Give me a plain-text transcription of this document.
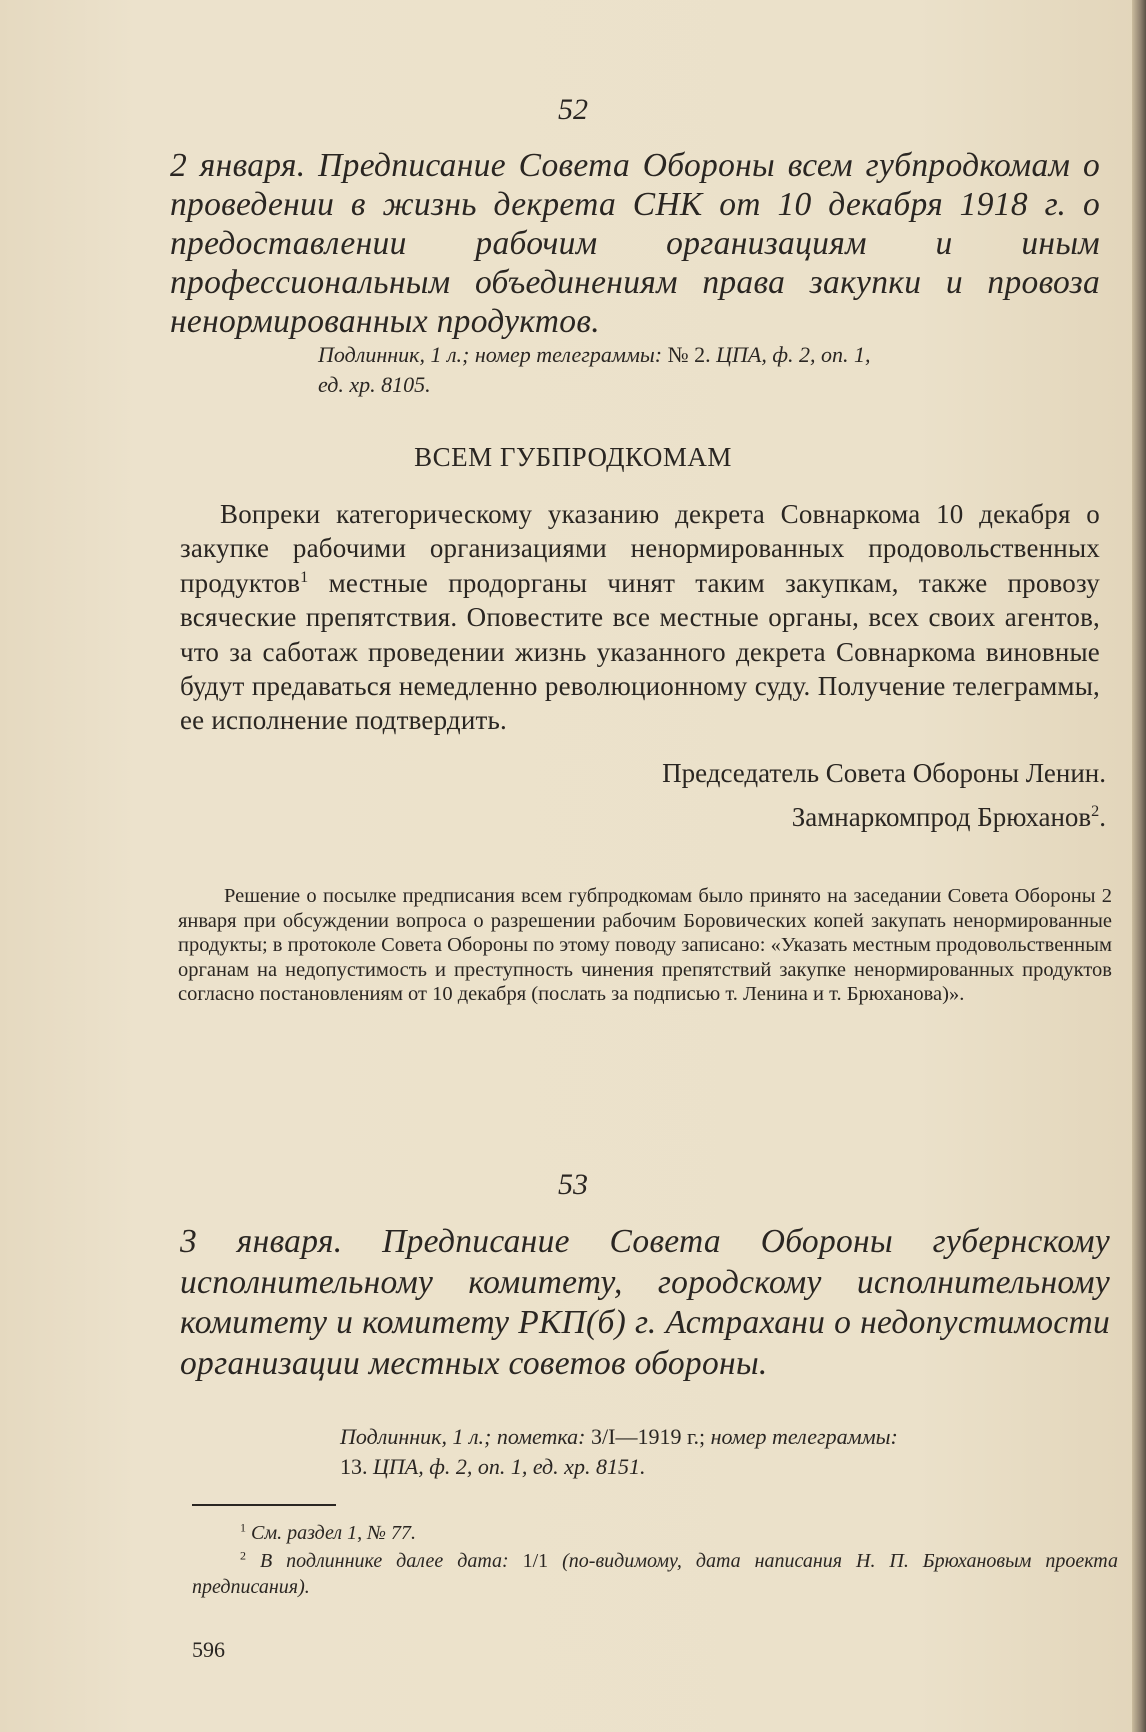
52
2 января. Предписание Совета Обороны всем губпродкомам о проведении в жизнь декрета СНК от 10 декабря 1918 г. о предоставлении рабочим организациям и иным профессиональным объединениям права закупки и провоза ненормированных продуктов.
Подлинник, 1 л.; номер телеграммы: № 2. ЦПА, ф. 2, оп. 1,
ед. хр. 8105.
ВСЕМ ГУБПРОДКОМАМ
Вопреки категорическому указанию декрета Совнаркома 10 декабря о закупке рабочими организациями ненормированных продовольственных продуктов$^1$ местные продорганы чинят таким закупкам, также провозу всяческие препятствия. Оповестите все местные органы, всех своих агентов, что за саботаж проведении жизнь указанного декрета Совнаркома виновные будут предаваться немедленно революционному суду. Получение телеграммы, ее исполнение подтвердить.
Председатель Совета Обороны Ленин.
Замнаркомпрод Брюханов$^2$.
Решение о посылке предписания всем губпродкомам было принято на заседании Совета Обороны 2 января при обсуждении вопроса о разрешении рабочим Боровических копей закупать ненормированные продукты; в протоколе Совета Обороны по этому поводу записано: «Указать местным продовольственным органам на недопустимость и преступность чинения препятствий закупке ненормированных продуктов согласно постановлениям от 10 декабря (послать за подписью т. Ленина и т. Брюханова)».
53
3 января. Предписание Совета Обороны губернскому исполнительному комитету, городскому исполнительному комитету и комитету РКП(б) г. Астрахани о недопустимости организации местных советов обороны.
Подлинник, 1 л.; пометка: 3/I—1919 г.; номер телеграммы:
13. ЦПА, ф. 2, оп. 1, ед. хр. 8151.
$^1$ См. раздел 1, № 77.
$^2$ В подлиннике далее дата: 1/1 (по-видимому, дата написания Н. П. Брюхановым проекта предписания).
596
